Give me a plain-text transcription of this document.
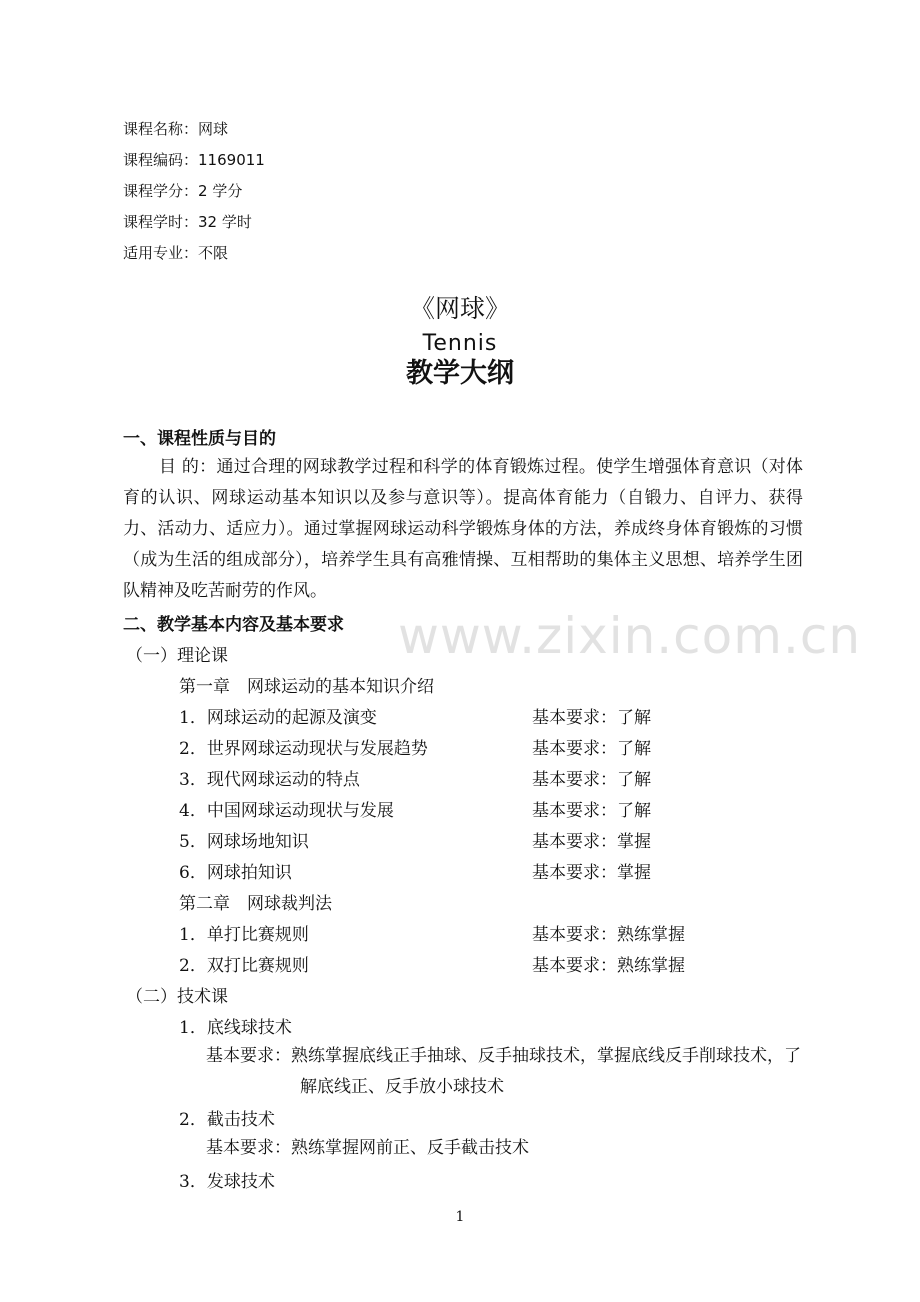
课程名称：网球
课程编码：1169011
课程学分：2 学分
课程学时：32 学时
适用专业：不限
《网球》
Tennis
教学大纲
一、课程性质与目的
目 的：通过合理的网球教学过程和科学的体育锻炼过程。使学生增强体育意识（对体育的认识、网球运动基本知识以及参与意识等）。提高体育能力（自锻力、自评力、获得力、活动力、适应力）。通过掌握网球运动科学锻炼身体的方法，养成终身体育锻炼的习惯（成为生活的组成部分），培养学生具有高雅情操、互相帮助的集体主义思想、培养学生团队精神及吃苦耐劳的作风。
www.zixin.com.cn
二、教学基本内容及基本要求
（一）理论课
第一章　网球运动的基本知识介绍
1．网球运动的起源及演变	基本要求：了解
2．世界网球运动现状与发展趋势	基本要求：了解
3．现代网球运动的特点	基本要求：了解
4．中国网球运动现状与发展	基本要求：了解
5．网球场地知识	基本要求：掌握
6．网球拍知识	基本要求：掌握
第二章　网球裁判法
1．单打比赛规则	基本要求：熟练掌握
2．双打比赛规则	基本要求：熟练掌握
（二）技术课
1．底线球技术
基本要求：熟练掌握底线正手抽球、反手抽球技术，掌握底线反手削球技术，了解底线正、反手放小球技术
2．截击技术
基本要求：熟练掌握网前正、反手截击技术
3．发球技术
1
